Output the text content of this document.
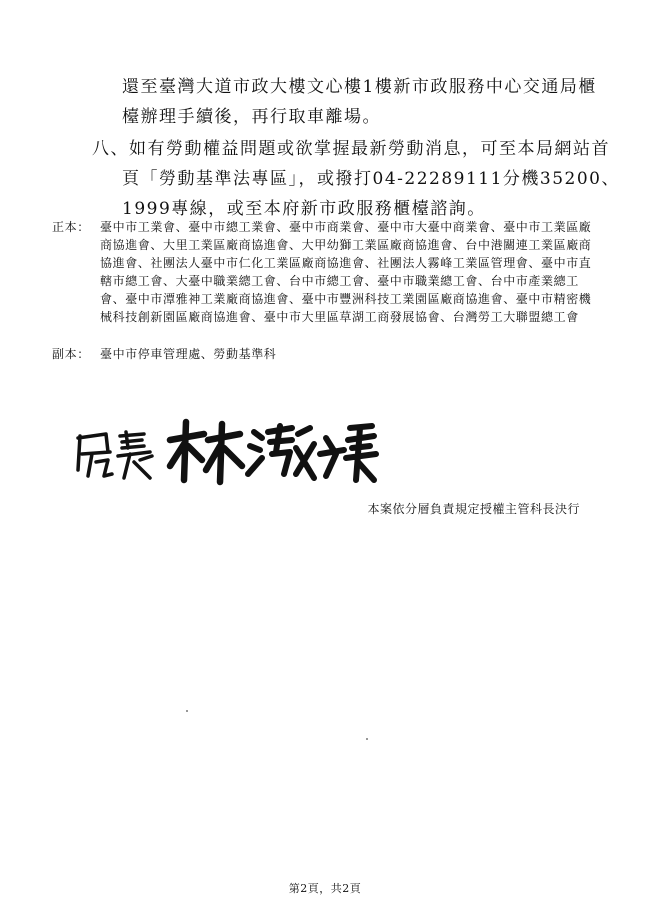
還至臺灣大道市政大樓文心樓1樓新市政服務中心交通局櫃
檯辦理手續後，再行取車離場。
八、如有勞動權益問題或欲掌握最新勞動消息，可至本局網站首
頁「勞動基準法專區」，或撥打04-22289111分機35200、
1999專線，或至本府新市政服務櫃檯諮詢。
正本： 臺中市工業會、臺中市總工業會、臺中市商業會、臺中市大臺中商業會、臺中市工業區廠商協進會、大里工業區廠商協進會、大甲幼獅工業區廠商協進會、台中港關連工業區廠商協進會、社團法人臺中市仁化工業區廠商協進會、社團法人霧峰工業區管理會、臺中市直轄市總工會、大臺中職業總工會、台中市總工會、臺中市職業總工會、台中市產業總工會、臺中市潭雅神工業廠商協進會、臺中市豐洲科技工業園區廠商協進會、臺中市精密機械科技創新園區廠商協進會、臺中市大里區草湖工商發展協會、台灣勞工大聯盟總工會
副本： 臺中市停車管理處、勞動基準科
本案依分層負責規定授權主管科長決行
第2頁，共2頁
